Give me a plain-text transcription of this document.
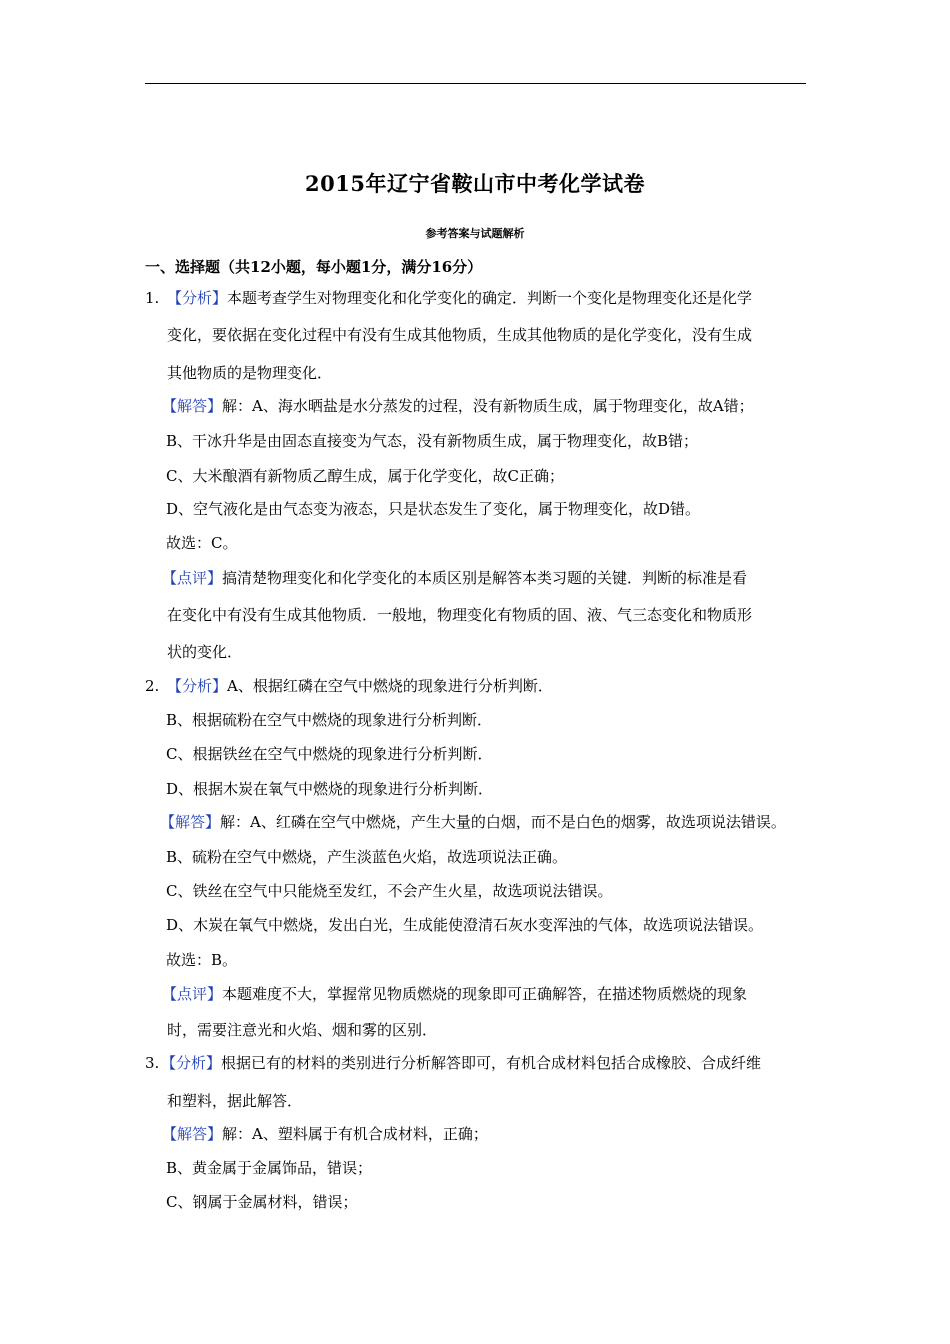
2015年辽宁省鞍山市中考化学试卷
参考答案与试题解析
一、选择题（共12小题，每小题1分，满分16分）
1. 【分析】本题考查学生对物理变化和化学变化的确定．判断一个变化是物理变化还是化学
变化，要依据在变化过程中有没有生成其他物质，生成其他物质的是化学变化，没有生成
其他物质的是物理变化．
【解答】解：A、海水晒盐是水分蒸发的过程，没有新物质生成，属于物理变化，故A错；
B、干冰升华是由固态直接变为气态，没有新物质生成，属于物理变化，故B错；
C、大米酿酒有新物质乙醇生成，属于化学变化，故C正确；
D、空气液化是由气态变为液态，只是状态发生了变化，属于物理变化，故D错。
故选：C。
【点评】搞清楚物理变化和化学变化的本质区别是解答本类习题的关键．判断的标准是看
在变化中有没有生成其他物质．一般地，物理变化有物质的固、液、气三态变化和物质形
状的变化．
2. 【分析】A、根据红磷在空气中燃烧的现象进行分析判断．
B、根据硫粉在空气中燃烧的现象进行分析判断．
C、根据铁丝在空气中燃烧的现象进行分析判断．
D、根据木炭在氧气中燃烧的现象进行分析判断．
【解答】解：A、红磷在空气中燃烧，产生大量的白烟，而不是白色的烟雾，故选项说法错误。
B、硫粉在空气中燃烧，产生淡蓝色火焰，故选项说法正确。
C、铁丝在空气中只能烧至发红，不会产生火星，故选项说法错误。
D、木炭在氧气中燃烧，发出白光，生成能使澄清石灰水变浑浊的气体，故选项说法错误。
故选：B。
【点评】本题难度不大，掌握常见物质燃烧的现象即可正确解答，在描述物质燃烧的现象
时，需要注意光和火焰、烟和雾的区别．
3. 【分析】根据已有的材料的类别进行分析解答即可，有机合成材料包括合成橡胶、合成纤维
和塑料，据此解答．
【解答】解：A、塑料属于有机合成材料，正确；
B、黄金属于金属饰品，错误；
C、钢属于金属材料，错误；
